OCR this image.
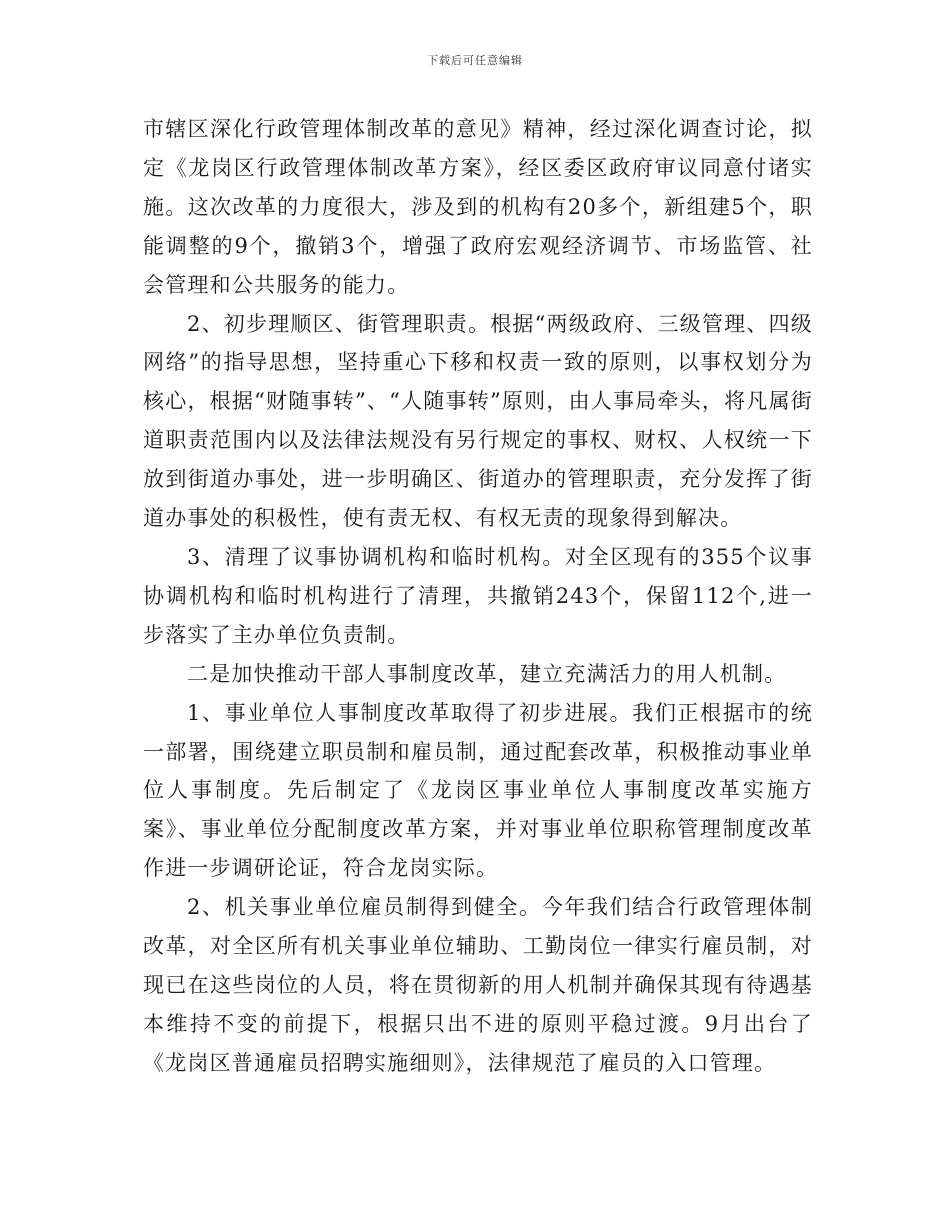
下载后可任意编辑

市辖区深化行政管理体制改革的意见》精神，经过深化调查讨论，拟定《龙岗区行政管理体制改革方案》，经区委区政府审议同意付诸实施。这次改革的力度很大，涉及到的机构有20多个，新组建5个，职能调整的9个，撤销3个，增强了政府宏观经济调节、市场监管、社会管理和公共服务的能力。

2、初步理顺区、街管理职责。根据“两级政府、三级管理、四级网络”的指导思想，坚持重心下移和权责一致的原则，以事权划分为核心，根据“财随事转”、“人随事转”原则，由人事局牵头，将凡属街道职责范围内以及法律法规没有另行规定的事权、财权、人权统一下放到街道办事处，进一步明确区、街道办的管理职责，充分发挥了街道办事处的积极性，使有责无权、有权无责的现象得到解决。

3、清理了议事协调机构和临时机构。对全区现有的355个议事协调机构和临时机构进行了清理，共撤销243个，保留112个,进一步落实了主办单位负责制。

二是加快推动干部人事制度改革，建立充满活力的用人机制。

1、事业单位人事制度改革取得了初步进展。我们正根据市的统一部署，围绕建立职员制和雇员制，通过配套改革，积极推动事业单位人事制度。先后制定了《龙岗区事业单位人事制度改革实施方案》、事业单位分配制度改革方案，并对事业单位职称管理制度改革作进一步调研论证，符合龙岗实际。

2、机关事业单位雇员制得到健全。今年我们结合行政管理体制改革，对全区所有机关事业单位辅助、工勤岗位一律实行雇员制，对现已在这些岗位的人员，将在贯彻新的用人机制并确保其现有待遇基本维持不变的前提下，根据只出不进的原则平稳过渡。9月出台了《龙岗区普通雇员招聘实施细则》，法律规范了雇员的入口管理。
